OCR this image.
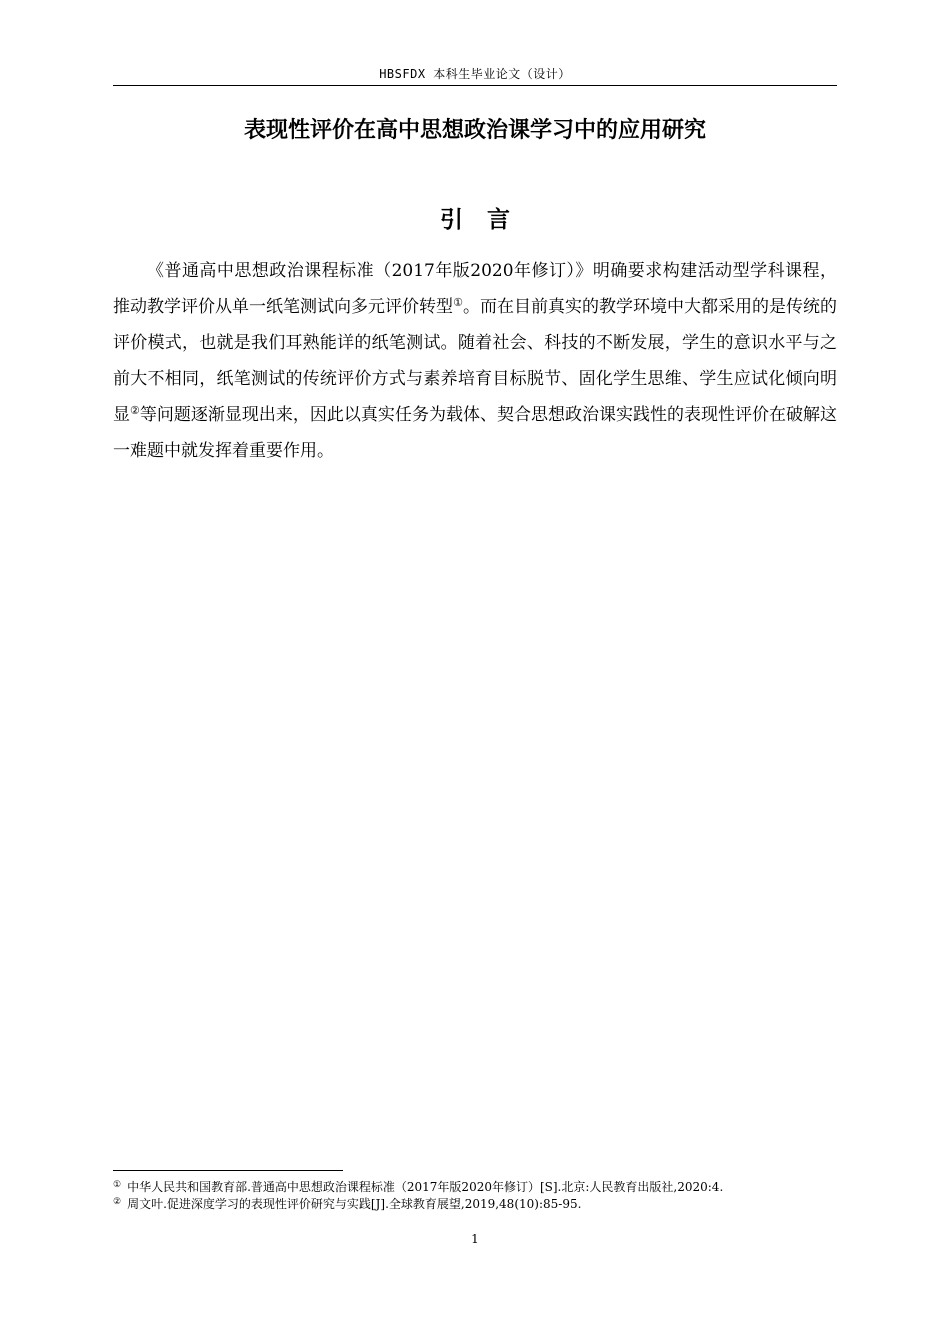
HBSFDX 本科生毕业论文（设计）
表现性评价在高中思想政治课学习中的应用研究
引言

《普通高中思想政治课程标准（2017年版2020年修订）》明确要求构建活动型学科课程，推动教学评价从单一纸笔测试向多元评价转型①。而在目前真实的教学环境中大都采用的是传统的评价模式，也就是我们耳熟能详的纸笔测试。随着社会、科技的不断发展，学生的意识水平与之前大不相同，纸笔测试的传统评价方式与素养培育目标脱节、固化学生思维、学生应试化倾向明显②等问题逐渐显现出来，因此以真实任务为载体、契合思想政治课实践性的表现性评价在破解这一难题中就发挥着重要作用。

① 中华人民共和国教育部.普通高中思想政治课程标准（2017年版2020年修订）[S].北京:人民教育出版社,2020:4.

② 周文叶.促进深度学习的表现性评价研究与实践[J].全球教育展望,2019,48(10):85-95.

1
